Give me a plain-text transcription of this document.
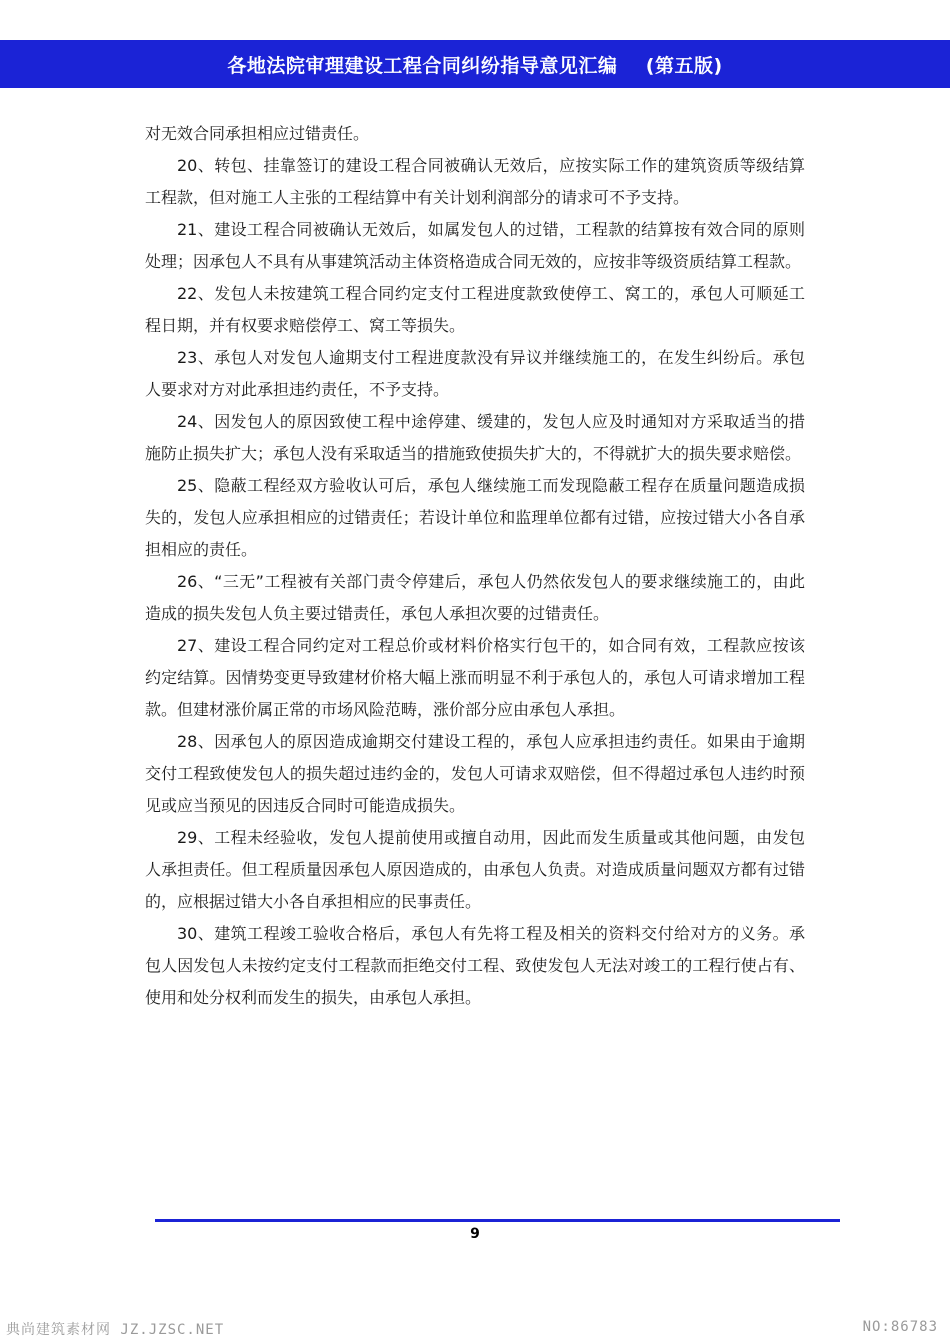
各地法院审理建设工程合同纠纷指导意见汇编    (第五版)

对无效合同承担相应过错责任。

20、转包、挂靠签订的建设工程合同被确认无效后，应按实际工作的建筑资质等级结算工程款，但对施工人主张的工程结算中有关计划利润部分的请求可不予支持。

21、建设工程合同被确认无效后，如属发包人的过错，工程款的结算按有效合同的原则处理；因承包人不具有从事建筑活动主体资格造成合同无效的，应按非等级资质结算工程款。

22、发包人未按建筑工程合同约定支付工程进度款致使停工、窝工的，承包人可顺延工程日期，并有权要求赔偿停工、窝工等损失。

23、承包人对发包人逾期支付工程进度款没有异议并继续施工的，在发生纠纷后。承包人要求对方对此承担违约责任，不予支持。

24、因发包人的原因致使工程中途停建、缓建的，发包人应及时通知对方采取适当的措施防止损失扩大；承包人没有采取适当的措施致使损失扩大的，不得就扩大的损失要求赔偿。

25、隐蔽工程经双方验收认可后，承包人继续施工而发现隐蔽工程存在质量问题造成损失的，发包人应承担相应的过错责任；若设计单位和监理单位都有过错，应按过错大小各自承担相应的责任。

26、“三无”工程被有关部门责令停建后，承包人仍然依发包人的要求继续施工的，由此造成的损失发包人负主要过错责任，承包人承担次要的过错责任。

27、建设工程合同约定对工程总价或材料价格实行包干的，如合同有效，工程款应按该约定结算。因情势变更导致建材价格大幅上涨而明显不利于承包人的，承包人可请求增加工程款。但建材涨价属正常的市场风险范畴，涨价部分应由承包人承担。

28、因承包人的原因造成逾期交付建设工程的，承包人应承担违约责任。如果由于逾期交付工程致使发包人的损失超过违约金的，发包人可请求双赔偿，但不得超过承包人违约时预见或应当预见的因违反合同时可能造成损失。

29、工程未经验收，发包人提前使用或擅自动用，因此而发生质量或其他问题，由发包人承担责任。但工程质量因承包人原因造成的，由承包人负责。对造成质量问题双方都有过错的，应根据过错大小各自承担相应的民事责任。

30、建筑工程竣工验收合格后，承包人有先将工程及相关的资料交付给对方的义务。承包人因发包人未按约定支付工程款而拒绝交付工程、致使发包人无法对竣工的工程行使占有、使用和处分权利而发生的损失，由承包人承担。

9
典尚建筑素材网 JZ.JZSC.NET	NO:86783
